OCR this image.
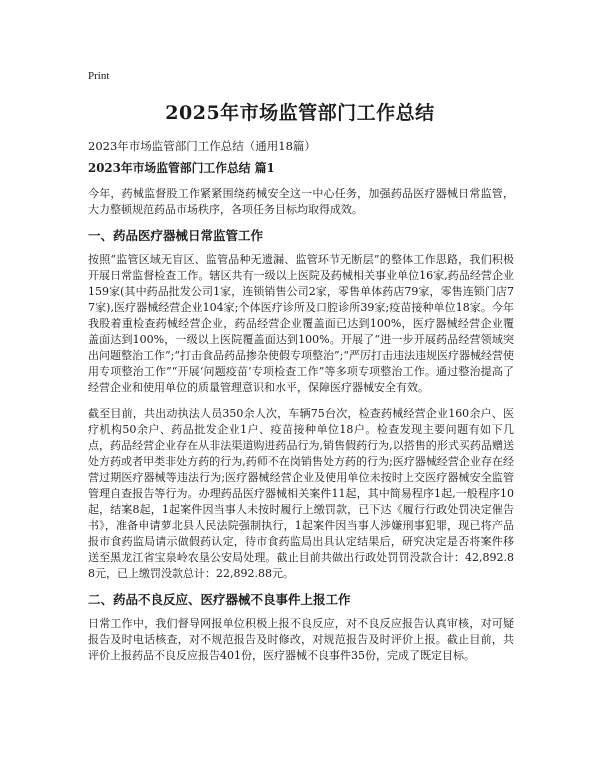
Print
2025年市场监管部门工作总结
2023年市场监管部门工作总结（通用18篇）
2023年市场监管部门工作总结 篇1

今年，药械监督股工作紧紧围绕药械安全这一中心任务，加强药品医疗器械日常监管，大力整顿规范药品市场秩序，各项任务目标均取得成效。

一、药品医疗器械日常监管工作

按照“监管区域无盲区、监管品种无遗漏、监管环节无断层”的整体工作思路，我们积极开展日常监督检查工作。辖区共有一级以上医院及药械相关事业单位16家,药品经营企业159家(其中药品批发公司1家，连锁销售公司2家，零售单体药店79家，零售连锁门店77家),医疗器械经营企业104家;个体医疗诊所及口腔诊所39家;疫苗接种单位18家。今年我股着重检查药械经营企业，药品经营企业覆盖面已达到100%，医疗器械经营企业覆盖面达到100%，一级以上医院覆盖面达到100%。开展了“进一步开展药品经营领域突出问题整治工作”;“打击食品药品掺杂使假专项整治”;“严厉打击违法违规医疗器械经营使用专项整治工作”“开展‘问题疫苗’专项检查工作”等多项专项整治工作。通过整治提高了经营企业和使用单位的质量管理意识和水平，保障医疗器械安全有效。

截至目前，共出动执法人员350余人次，车辆75台次，检查药械经营企业160余户、医疗机构50余户、药品批发企业1户、疫苗接种单位18户。检查发现主要问题有如下几点，药品经营企业存在从非法渠道购进药品行为,销售假药行为,以搭售的形式买药品赠送处方药或者甲类非处方药的行为,药师不在岗销售处方药的行为;医疗器械经营企业存在经营过期医疗器械等违法行为;医疗器械经营企业及使用单位未按时上交医疗器械安全监管管理自查报告等行为。办理药品医疗器械相关案件11起，其中简易程序1起,一般程序10起，结案8起，1起案件因当事人未按时履行上缴罚款，已下达《履行行政处罚决定催告书》，准备申请萝北县人民法院强制执行，1起案件因当事人涉嫌刑事犯罪，现已将产品报市食药监局请示做假药认定，待市食药监局出具认定结果后，研究决定是否将案件移送至黑龙江省宝泉岭农垦公安局处理。截止目前共做出行政处罚罚没款合计：42,892.88元，已上缴罚没款总计：22,892.88元。

二、药品不良反应、医疗器械不良事件上报工作

日常工作中，我们督导网报单位积极上报不良反应，对不良反应报告认真审核，对可疑报告及时电话核查，对不规范报告及时修改，对规范报告及时评价上报。截止目前，共评价上报药品不良反应报告401份，医疗器械不良事件35份，完成了既定目标。
